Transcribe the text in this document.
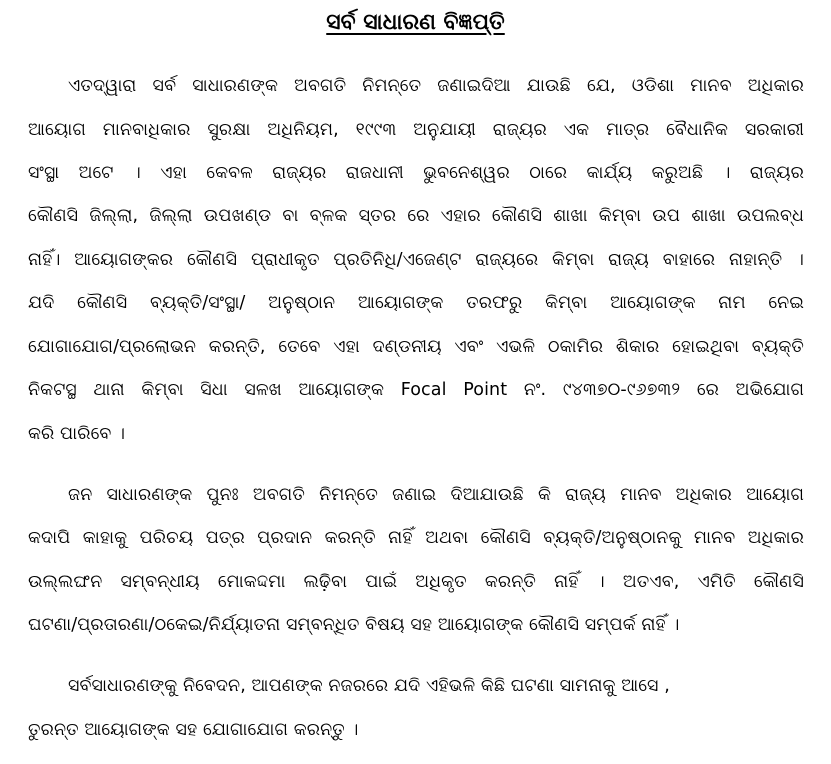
ସର୍ବ ସାଧାରଣ ବିଜ୍ଞପ୍ତି
ଏତଦ୍ୱାରା ସର୍ବ ସାଧାରଣଙ୍କ ଅବଗତି ନିମନ୍ତେ ଜଣାଇଦିଆ ଯାଉଛି ଯେ, ଓଡିଶା ମାନବ ଅଧିକାର
ଆୟୋଗ ମାନବାଧିକାର ସୁରକ୍ଷା ଅଧିନିୟମ, ୧୯୯୩ ଅନୁଯାୟୀ ରାଜ୍ୟର ଏକ ମାତ୍ର ବୈଧାନିକ ସରକାରୀ
ସଂସ୍ଥା ଅଟେ । ଏହା କେବଳ ରାଜ୍ୟର ରାଜଧାନୀ ଭୁବନେଶ୍ୱର ଠାରେ କାର୍ଯ୍ୟ କରୁଅଛି । ରାଜ୍ୟର
କୌଣସି ଜିଲ୍ଲା, ଜିଲ୍ଲା ଉପଖଣ୍ଡ ବା ବ୍ଳକ ସ୍ତର ରେ ଏହାର କୌଣସି ଶାଖା କିମ୍ବା ଉପ ଶାଖା ଉପଲବ୍ଧ
ନାହିଁ। ଆୟୋଗଙ୍କର କୌଣସି ପ୍ରାଧୀକୃତ ପ୍ରତିନିଧି/ଏଜେଣ୍ଟ ରାଜ୍ୟରେ କିମ୍ବା ରାଜ୍ୟ ବାହାରେ ନାହାନ୍ତି ।
ଯଦି କୌଣସି ବ୍ୟକ୍ତି/ସଂସ୍ଥା/ ଅନୁଷ୍ଠାନ ଆୟୋଗଙ୍କ ତରଫରୁ କିମ୍ବା ଆୟୋଗଙ୍କ ନାମ ନେଇ
ଯୋଗାଯୋଗ/ପ୍ରଲୋଭନ କରନ୍ତି, ତେବେ ଏହା ଦଣ୍ଡନୀୟ ଏବଂ ଏଭଳି ଠକାମିର ଶିକାର ହୋଇଥିବା ବ୍ୟକ୍ତି
ନିକଟସ୍ଥ ଥାନା କିମ୍ବା ସିଧା ସଳଖ ଆୟୋଗଙ୍କ Focal Point ନଂ. ୯୪୩୭୦-୯୬୭୩୨ ରେ ଅଭିଯୋଗ
କରି ପାରିବେ ।
ଜନ ସାଧାରଣଙ୍କ ପୁନଃ ଅବଗତି ନିମନ୍ତେ ଜଣାଇ ଦିଆଯାଉଛି କି ରାଜ୍ୟ ମାନବ ଅଧିକାର ଆୟୋଗ
କଦାପି କାହାକୁ ପରିଚୟ ପତ୍ର ପ୍ରଦାନ କରନ୍ତି ନାହିଁ ଅଥବା କୌଣସି ବ୍ୟକ୍ତି/ଅନୁଷ୍ଠାନକୁ ମାନବ ଅଧିକାର
ଉଲ୍ଲଙ୍ଘନ ସମ୍ବନ୍ଧୀୟ ମୋକଦ୍ଦମା ଲଢ଼ିବା ପାଇଁ ଅଧିକୃତ କରନ୍ତି ନାହିଁ । ଅତଏବ, ଏମିତି କୌଣସି
ଘଟଣା/ପ୍ରତାରଣା/ଠକେଇ/ନିର୍ଯ୍ୟାତନା ସମ୍ବନ୍ଧିତ ବିଷୟ ସହ ଆୟୋଗଙ୍କ କୌଣସି ସମ୍ପର୍କ ନାହିଁ ।
ସର୍ବସାଧାରଣଙ୍କୁ ନିବେଦନ, ଆପଣଙ୍କ ନଜରରେ ଯଦି ଏହିଭଳି କିଛି ଘଟଣା ସାମନାକୁ ଆସେ ,
ତୁରନ୍ତ ଆୟୋଗଙ୍କ ସହ ଯୋଗାଯୋଗ କରନ୍ତୁ ।
